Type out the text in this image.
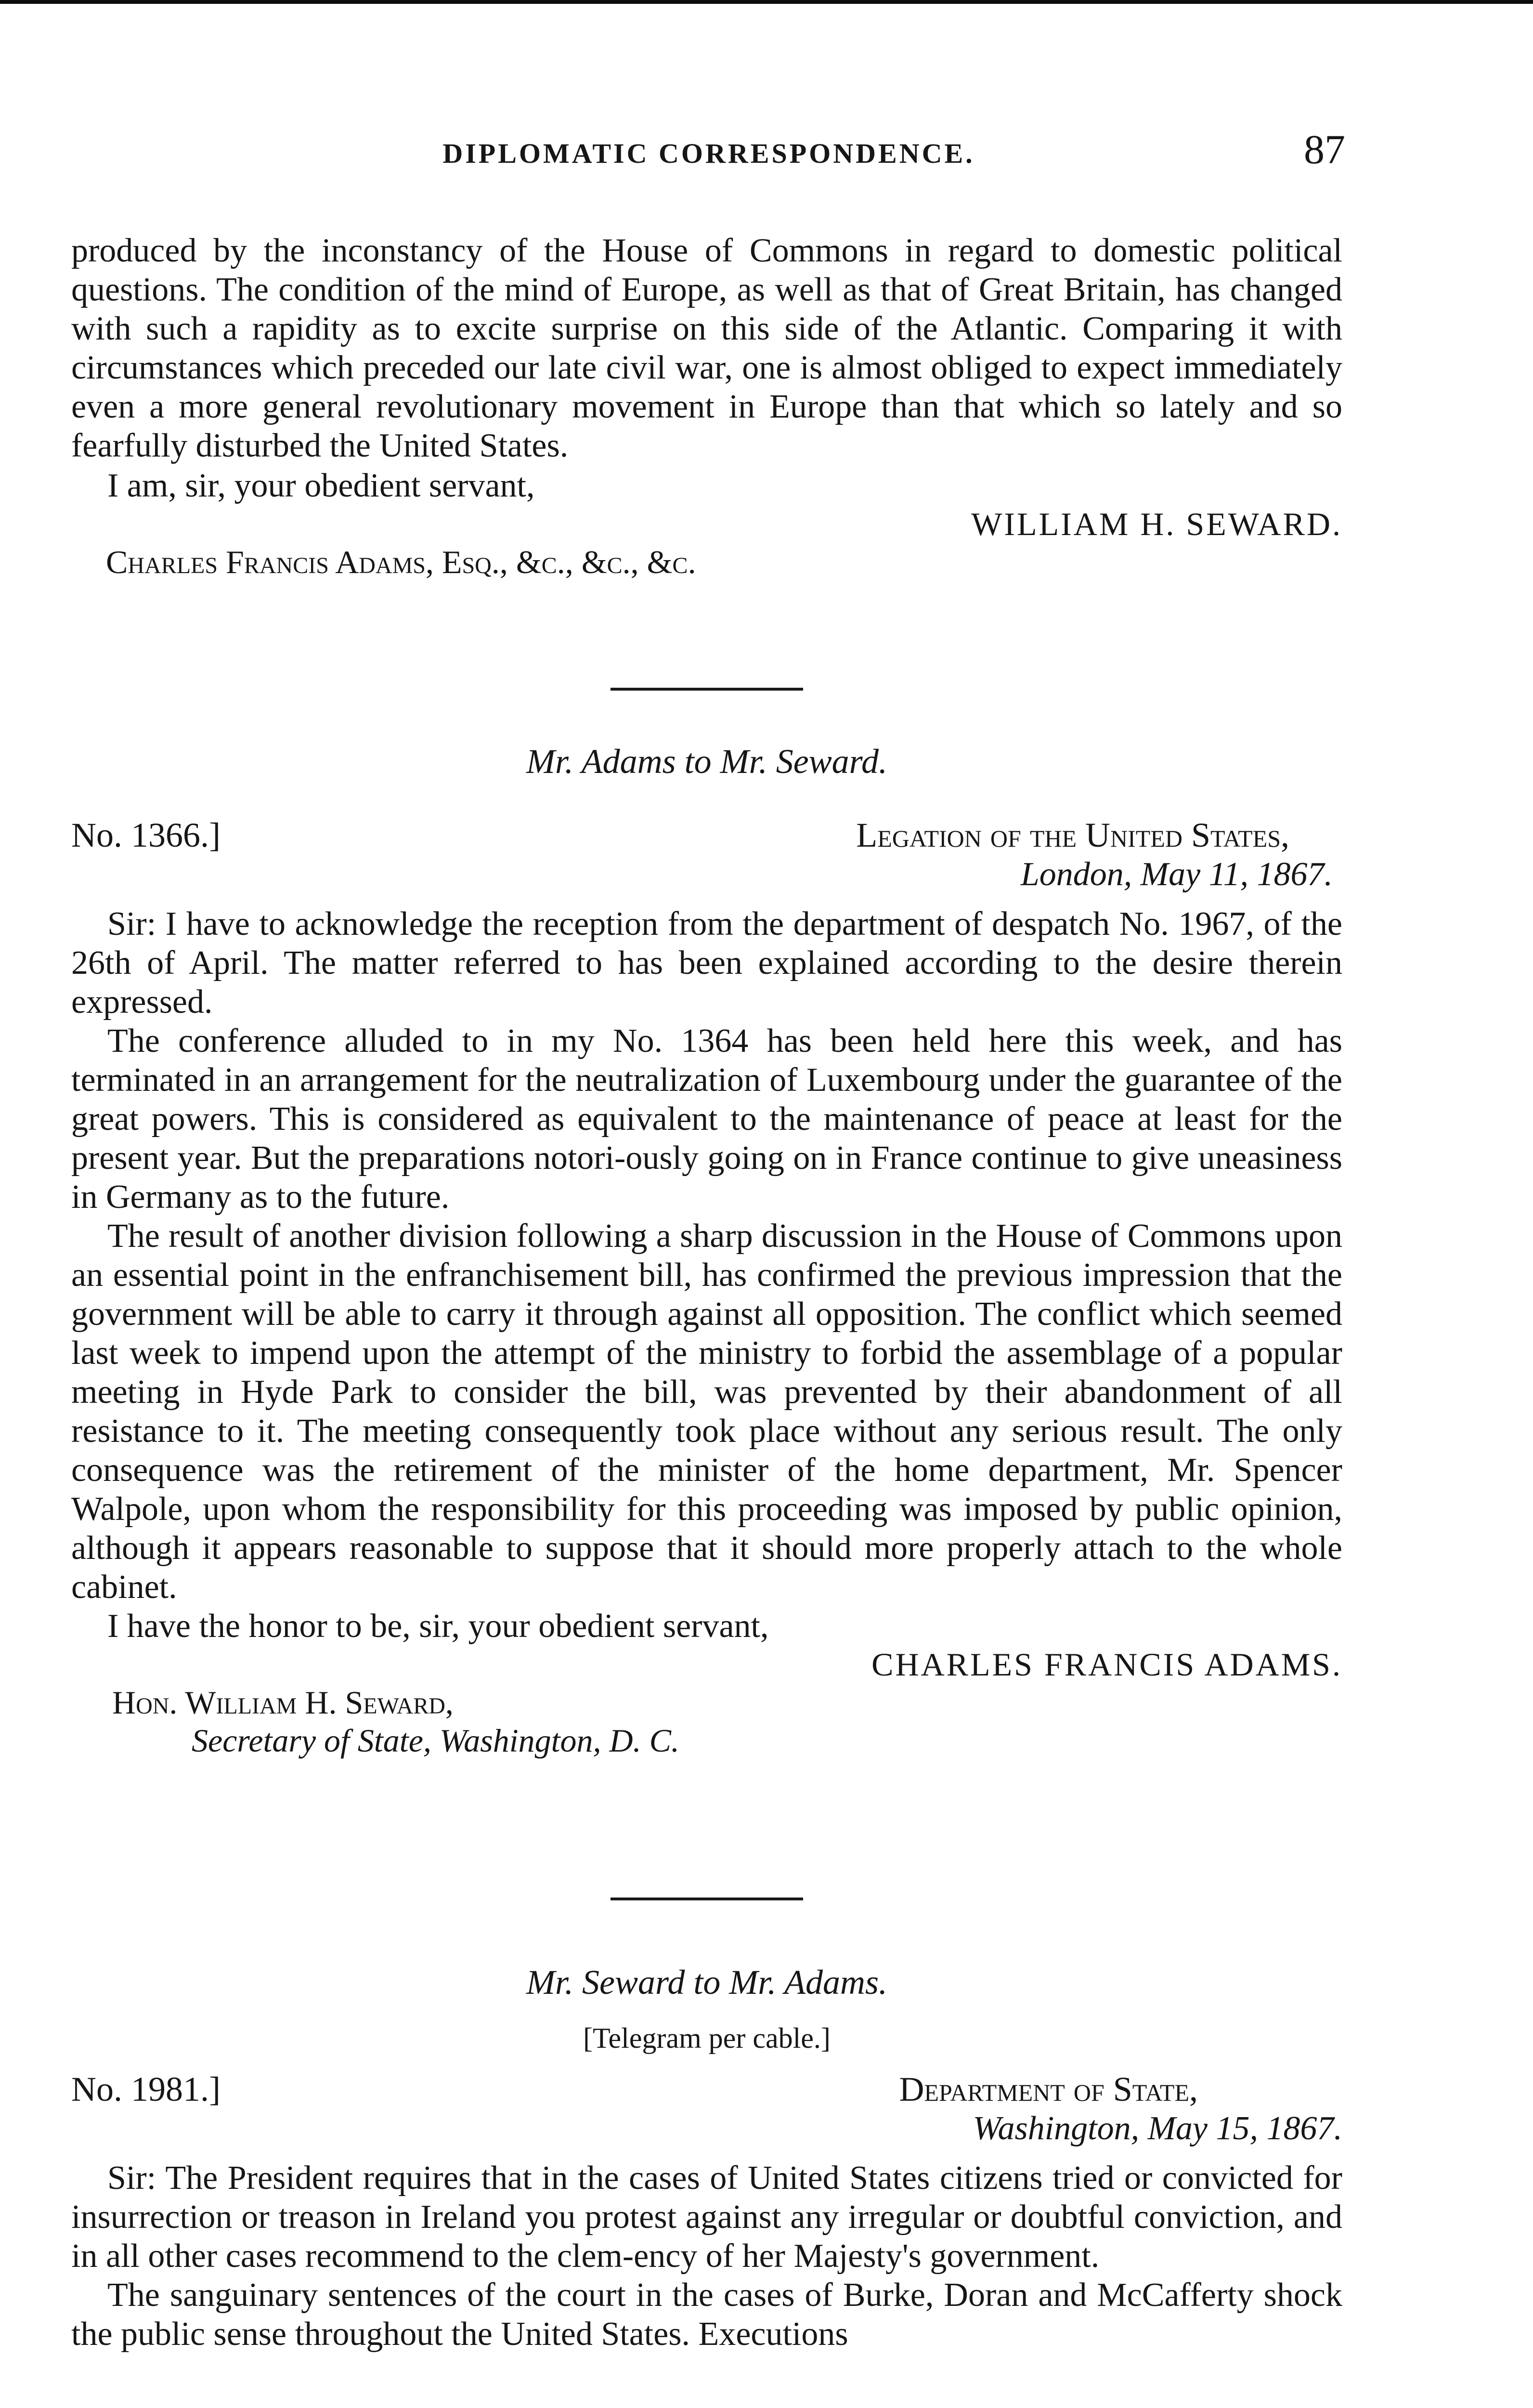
DIPLOMATIC CORRESPONDENCE.	87

produced by the inconstancy of the House of Commons in regard to domestic political questions. The condition of the mind of Europe, as well as that of Great Britain, has changed with such a rapidity as to excite surprise on this side of the Atlantic. Comparing it with circumstances which preceded our late civil war, one is almost obliged to expect immediately even a more general revolutionary movement in Europe than that which so lately and so fearfully disturbed the United States.

I am, sir, your obedient servant,

WILLIAM H. SEWARD.

Charles Francis Adams, Esq., &c., &c., &c.

Mr. Adams to Mr. Seward.
No. 1366.]	Legation of the United States,
London, May 11, 1867.

Sir: I have to acknowledge the reception from the department of despatch No. 1967, of the 26th of April. The matter referred to has been explained according to the desire therein expressed.

The conference alluded to in my No. 1364 has been held here this week, and has terminated in an arrangement for the neutralization of Luxembourg under the guarantee of the great powers. This is considered as equivalent to the maintenance of peace at least for the present year. But the preparations notori-ously going on in France continue to give uneasiness in Germany as to the future.

The result of another division following a sharp discussion in the House of Commons upon an essential point in the enfranchisement bill, has confirmed the previous impression that the government will be able to carry it through against all opposition. The conflict which seemed last week to impend upon the attempt of the ministry to forbid the assemblage of a popular meeting in Hyde Park to consider the bill, was prevented by their abandonment of all resistance to it. The meeting consequently took place without any serious result. The only consequence was the retirement of the minister of the home department, Mr. Spencer Walpole, upon whom the responsibility for this proceeding was imposed by public opinion, although it appears reasonable to suppose that it should more properly attach to the whole cabinet.

I have the honor to be, sir, your obedient servant,

CHARLES FRANCIS ADAMS.

Hon. William H. Seward,

Secretary of State, Washington, D. C.

Mr. Seward to Mr. Adams.
[Telegram per cable.]
No. 1981.]	Department of State,
Washington, May 15, 1867.

Sir: The President requires that in the cases of United States citizens tried or convicted for insurrection or treason in Ireland you protest against any irregular or doubtful conviction, and in all other cases recommend to the clem-ency of her Majesty's government.

The sanguinary sentences of the court in the cases of Burke, Doran and McCafferty shock the public sense throughout the United States. Executions
